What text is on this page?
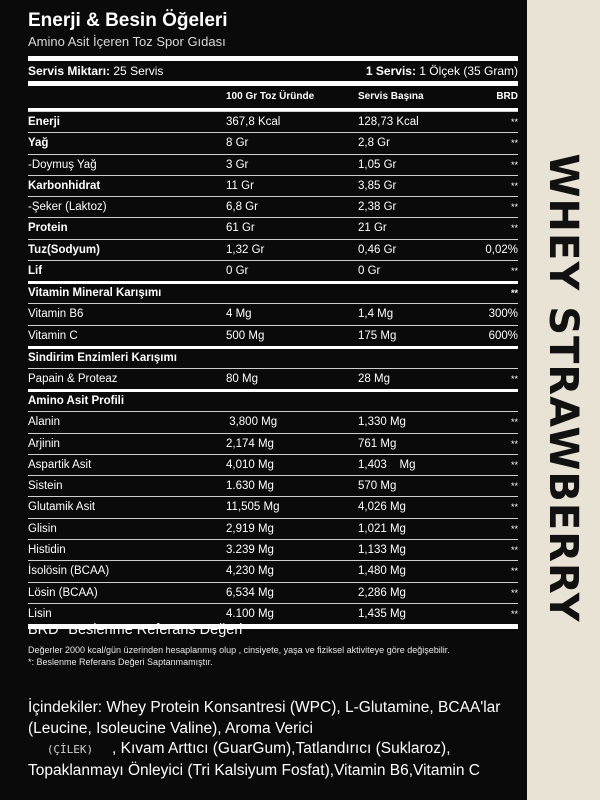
WHEY STRAWBERRY
Enerji & Besin Öğeleri
Amino Asit İçeren Toz Spor Gıdası
Servis Miktarı: 25 Servis	1 Servis: 1 Ölçek (35 Gram)
100 Gr Toz Üründe	Servis Başına	BRD
Enerji	367,8 Kcal	128,73 Kcal	**
Yağ	8 Gr	2,8 Gr	**
-Doymuş Yağ	3 Gr	1,05 Gr	**
Karbonhidrat	11 Gr	3,85 Gr	**
-Şeker (Laktoz)	6,8 Gr	2,38 Gr	**
Protein	61 Gr	21 Gr	**
Tuz(Sodyum)	1,32 Gr	0,46 Gr	0,02%
Lif	0 Gr	0 Gr	**
Vitamin Mineral Karışımı	**
Vitamin B6	4 Mg	1,4 Mg	300%
Vitamin C	500 Mg	175 Mg	600%
Sindirim Enzimleri Karışımı
Papain & Proteaz	80 Mg	28 Mg	**
Amino Asit Profili
Alanin	3,800 Mg	1,330 Mg	**
Arjinin	2,174 Mg	761 Mg	**
Aspartik Asit	4,010 Mg	1,403    Mg	**
Sistein	1.630 Mg	570 Mg	**
Glutamik Asit	11,505 Mg	4,026 Mg	**
Glisin	2,919 Mg	1,021 Mg	**
Histidin	3.239 Mg	1,133 Mg	**
İsolösin (BCAA)	4,230 Mg	1,480 Mg	**
Lösin (BCAA)	6,534 Mg	2,286 Mg	**
Lisin	4.100 Mg	1,435 Mg	**
BRD* Beslenme Referans Değeri
Değerler 2000 kcal/gün üzerinden hesaplanmış olup , cinsiyete, yaşa ve fiziksel aktiviteye göre değişebilir.
*: Beslenme Referans Değeri Saptanmamıştır.
İçindekiler: Whey Protein Konsantresi (WPC), L-Glutamine, BCAA'lar (Leucine, Isoleucine Valine), Aroma Verici
(ÇİLEK) , Kıvam Arttıcı (GuarGum),Tatlandırıcı (Suklaroz), Topaklanmayı Önleyici (Tri Kalsiyum Fosfat),Vitamin B6,Vitamin C
